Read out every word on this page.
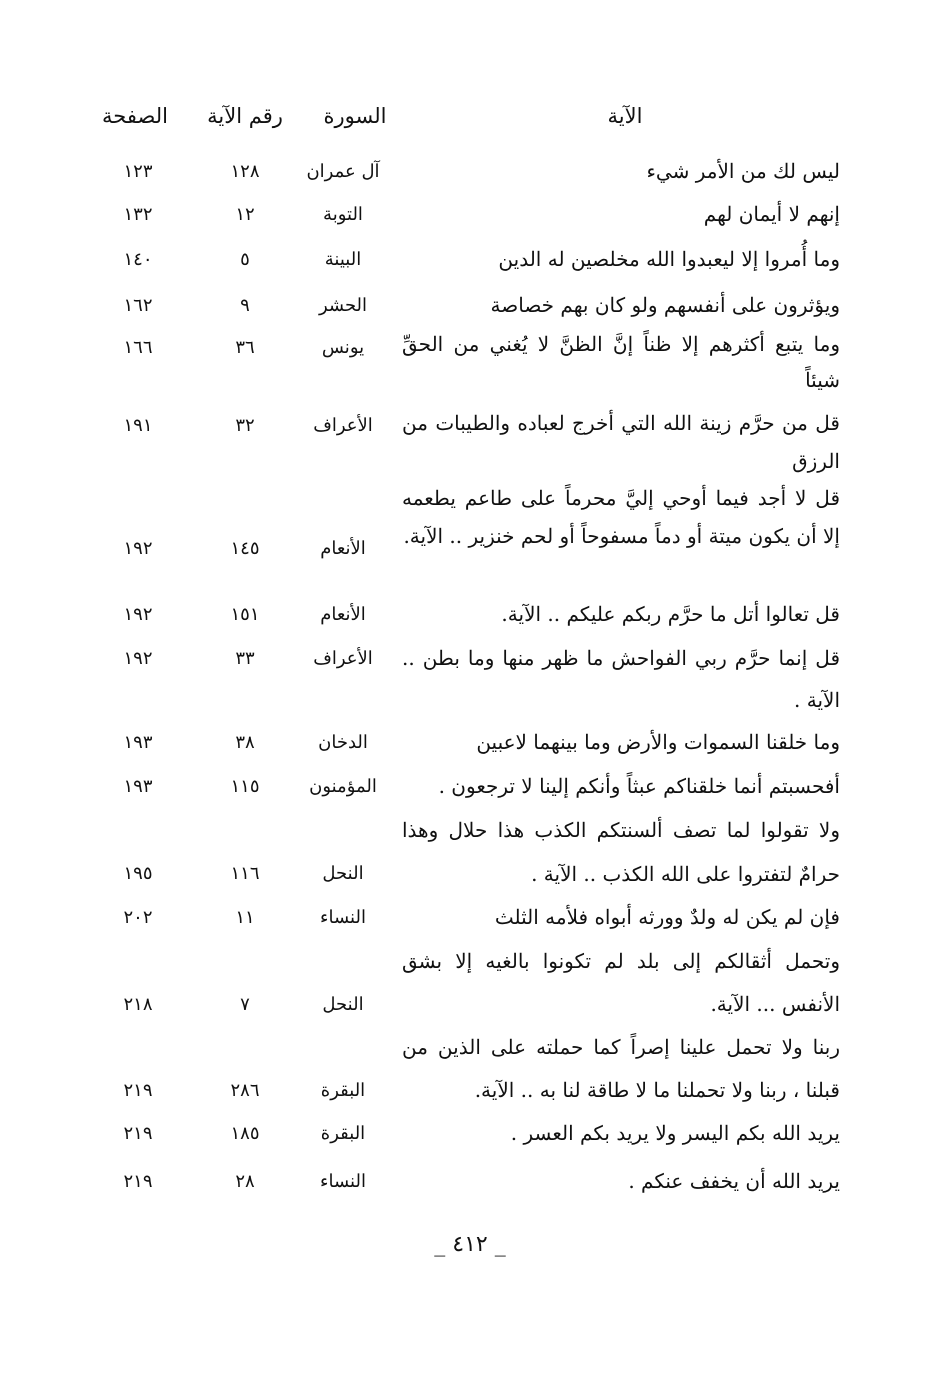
الآية
السورة
رقم الآية
الصفحة
ليس لك من الأمر شيء
آل عمران
١٢٨
١٢٣
إنهم لا أيمان لهم
التوبة
١٢
١٣٢
وما أُمروا إلا ليعبدوا الله مخلصين له الدين
البينة
٥
١٤٠
ويؤثرون على أنفسهم ولو كان بهم خصاصة
الحشر
٩
١٦٢
وما يتبع أكثرهم إلا ظناً إنَّ الظنَّ لا يُغني من الحقِّ شيئاً
يونس
٣٦
١٦٦
قل من حرَّم زينة الله التي أخرج لعباده والطيبات من الرزق
الأعراف
٣٢
١٩١
قل لا أجد فيما أوحي إليَّ محرماً على طاعم يطعمه إلا أن يكون ميتة أو دماً مسفوحاً أو لحم خنزير .. الآية.
الأنعام
١٤٥
١٩٢
قل تعالوا أتل ما حرَّم ربكم عليكم .. الآية.
الأنعام
١٥١
١٩٢
قل إنما حرَّم ربي الفواحش ما ظهر منها وما بطن .. الآية .
الأعراف
٣٣
١٩٢
وما خلقنا السموات والأرض وما بينهما لاعبين
الدخان
٣٨
١٩٣
أفحسبتم أنما خلقناكم عبثاً وأنكم إلينا لا ترجعون .
المؤمنون
١١٥
١٩٣
ولا تقولوا لما تصف ألسنتكم الكذب هذا حلال وهذا حرامٌ لتفتروا على الله الكذب .. الآية .
النحل
١١٦
١٩٥
فإن لم يكن له ولدٌ وورثه أبواه فلأمه الثلث
النساء
١١
٢٠٢
وتحمل أثقالكم إلى بلد لم تكونوا بالغيه إلا بشق الأنفس ... الآية.
النحل
٧
٢١٨
ربنا ولا تحمل علينا إصراً كما حملته على الذين من قبلنا ، ربنا ولا تحملنا ما لا طاقة لنا به .. الآية.
البقرة
٢٨٦
٢١٩
يريد الله بكم اليسر ولا يريد بكم العسر .
البقرة
١٨٥
٢١٩
يريد الله أن يخفف عنكم .
النساء
٢٨
٢١٩
_ ٤١٢ _
